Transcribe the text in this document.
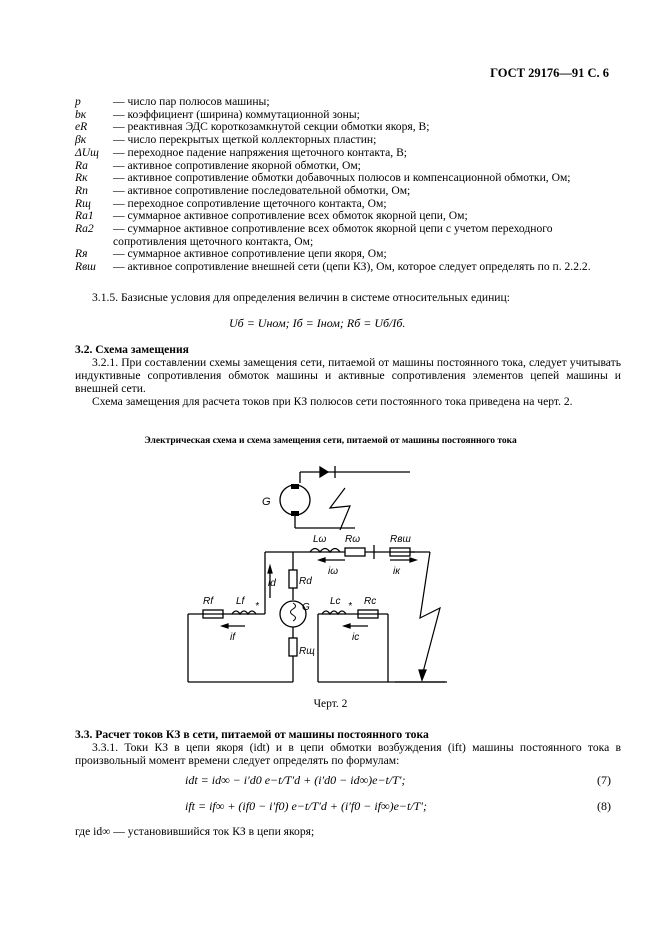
ГОСТ 29176—91 С. 6
p	— число пар полюсов машины;
bк	— коэффициент (ширина) коммутационной зоны;
eR	— реактивная ЭДС короткозамкнутой секции обмотки якоря, В;
βк	— число перекрытых щеткой коллекторных пластин;
ΔUщ	— переходное падение напряжения щеточного контакта, В;
Ra	— активное сопротивление якорной обмотки, Ом;
Rк	— активное сопротивление обмотки добавочных полюсов и компенсационной обмотки, Ом;
Rп	— активное сопротивление последовательной обмотки, Ом;
Rщ	— переходное сопротивление щеточного контакта, Ом;
Ra1	— суммарное активное сопротивление всех обмоток якорной цепи, Ом;
Ra2	— суммарное активное сопротивление всех обмоток якорной цепи с учетом переходного сопротивления щеточного контакта, Ом;
Rя	— суммарное активное сопротивление цепи якоря, Ом;
Rвш	— активное сопротивление внешней сети (цепи КЗ), Ом, которое следует определять по п. 2.2.2.
3.1.5. Базисные условия для определения величин в системе относительных единиц:
Uб = Uном; Iб = Iном; Rб = Uб/Iб.
3.2. Схема замещения
3.2.1. При составлении схемы замещения сети, питаемой от машины постоянного тока, следует учитывать индуктивные сопротивления обмоток машины и активные сопротивления элементов цепей машины и внешней сети.
Схема замещения для расчета токов при КЗ полюсов сети постоянного тока приведена на черт. 2.
Электрическая схема и схема замещения сети, питаемой от машины постоянного тока
G
Lω Rω	Rвш
iω	iк
id Rd
G
Rщ
Rf Lf *
if
Lc Rc
*
ic
Черт. 2
3.3. Расчет токов КЗ в сети, питаемой от машины постоянного тока
3.3.1. Токи КЗ в цепи якоря (idt) и в цепи обмотки возбуждения (ift) машины постоянного тока в произвольный момент времени следует определять по формулам:
idt = id∞ − i′d0 e−t/T′d + (i′d0 − id∞)e−t/T′;	(7)
ift = if∞ + (if0 − i′f0) e−t/T′d + (i′f0 − if∞)e−t/T′;	(8)
где id∞ — установившийся ток КЗ в цепи якоря;
